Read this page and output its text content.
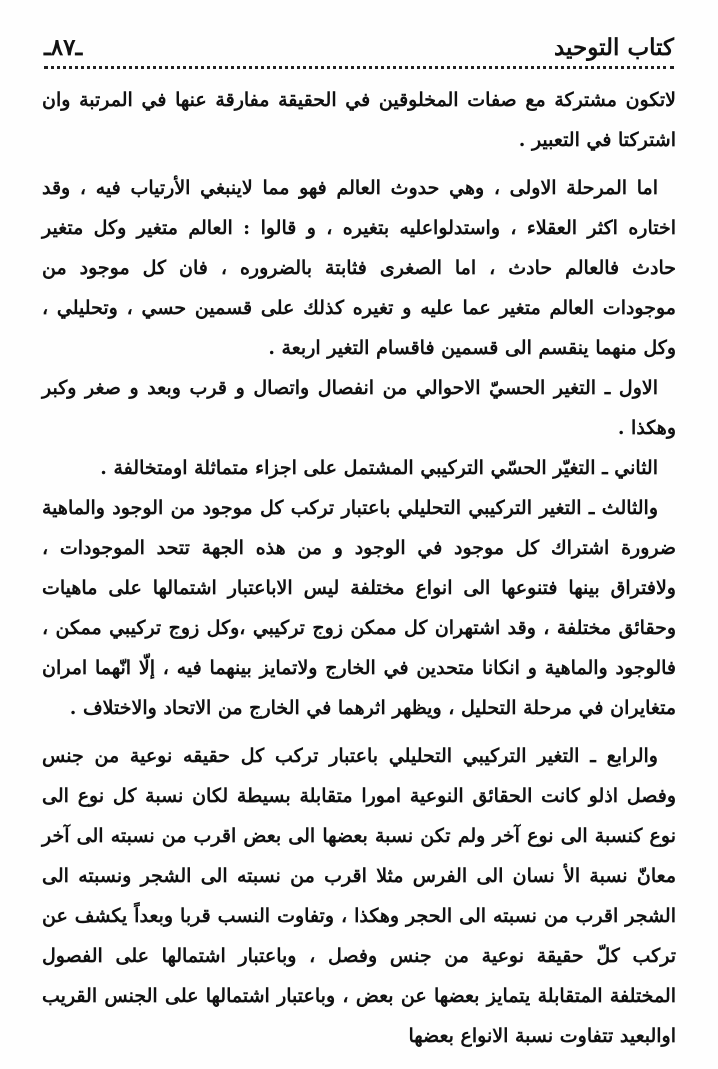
كتاب التوحيد
ـ٨٧ـ

لاتكون مشتركة مع صفات المخلوقين في الحقيقة مفارقة عنها في المرتبة وان اشتركتا في التعبير .

اما المرحلة الاولى ، وهي حدوث العالم فهو مما لاينبغي الأرتياب فيه ، وقد اختاره اكثر العقلاء ، واستدلواعليه بتغيره ، و قالوا : العالم متغير وكل متغير حادث فالعالم حادث ، اما الصغرى فثابتة بالضروره ، فان كل موجود من موجودات العالم متغير عما عليه و تغيره كذلك على قسمين حسي ، وتحليلي ، وكل منهما ينقسم الى قسمين فاقسام التغير اربعة .

الاول ـ التغير الحسيّ الاحوالي من انفصال واتصال و قرب وبعد و صغر وكبر وهكذا .

الثاني ـ التغيّر الحسّي التركيبي المشتمل على اجزاء متماثلة اومتخالفة .

والثالث ـ التغير التركيبي التحليلي باعتبار تركب كل موجود من الوجود والماهية ضرورة اشتراك كل موجود في الوجود و من هذه الجهة تتحد الموجودات ، ولافتراق بينها فتنوعها الى انواع مختلفة ليس الاباعتبار اشتمالها على ماهيات وحقائق مختلفة ، وقد اشتهران كل ممكن زوج تركيبي ،وكل زوج تركيبي ممكن ، فالوجود والماهية و انكانا متحدين في الخارج ولاتمايز بينهما فيه ، إلّا انّهما امران متغايران في مرحلة التحليل ، ويظهر اثرهما في الخارج من الاتحاد والاختلاف .

والرابع ـ التغير التركيبي التحليلي باعتبار تركب كل حقيقه نوعية من جنس وفصل اذلو كانت الحقائق النوعية امورا متقابلة بسيطة لكان نسبة كل نوع الى نوع كنسبة الى نوع آخر ولم تكن نسبة بعضها الى بعض اقرب من نسبته الى آخر معانّ نسبة الأ نسان الى الفرس مثلا اقرب من نسبته الى الشجر ونسبته الى الشجر اقرب من نسبته الى الحجر وهكذا ، وتفاوت النسب قربا وبعداً يكشف عن تركب كلّ حقيقة نوعية من جنس وفصل ، وباعتبار اشتمالها على الفصول المختلفة المتقابلة يتمايز بعضها عن بعض ، وباعتبار اشتمالها على الجنس القريب اوالبعيد تتفاوت نسبة الانواع بعضها
